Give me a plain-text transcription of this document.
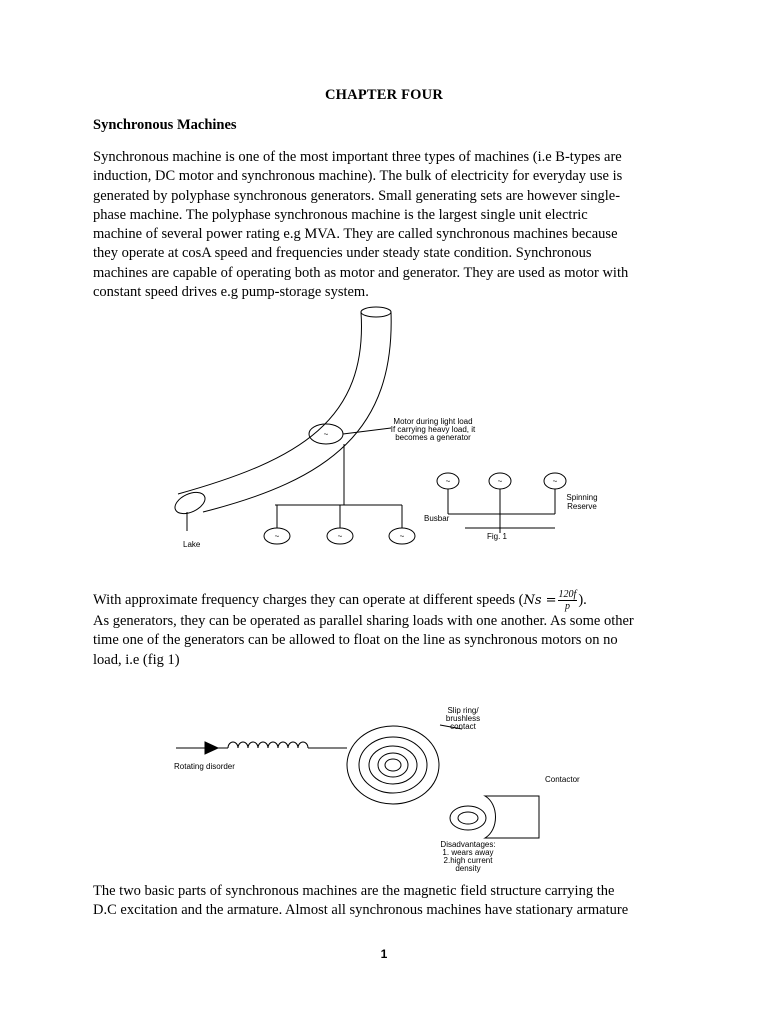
CHAPTER FOUR
Synchronous Machines
Synchronous machine is one of the most important three types of machines (i.e B-types are
induction, DC motor and synchronous machine). The bulk of electricity for everyday use is
generated by polyphase synchronous generators. Small generating sets are however single-
phase machine. The polyphase synchronous machine is the largest single unit electric
machine of several power rating e.g MVA. They are called synchronous machines because
they operate at cosA speed and frequencies under steady state condition. Synchronous
machines are capable of operating both as motor and generator. They are used as motor with
constant speed drives e.g pump-storage system.
~
~	~	~
~	~	~
Motor during light load
If carrying heavy load, it
becomes a generator
Spinning
Reserve
Busbar
Fig. 1
Lake
With approximate frequency charges they can operate at different speeds ($Ns = \frac{120f}{p}$ ).
As generators, they can be operated as parallel sharing loads with one another. As some other
time one of the generators can be allowed to float on the line as synchronous motors on no
load, i.e (fig 1)
Slip ring/
brushless
contact
Rotating disorder
Contactor
Disadvantages:
1. wears away
2.high current
density
The two basic parts of synchronous machines are the magnetic field structure carrying the
D.C excitation and the armature. Almost all synchronous machines have stationary armature
1
